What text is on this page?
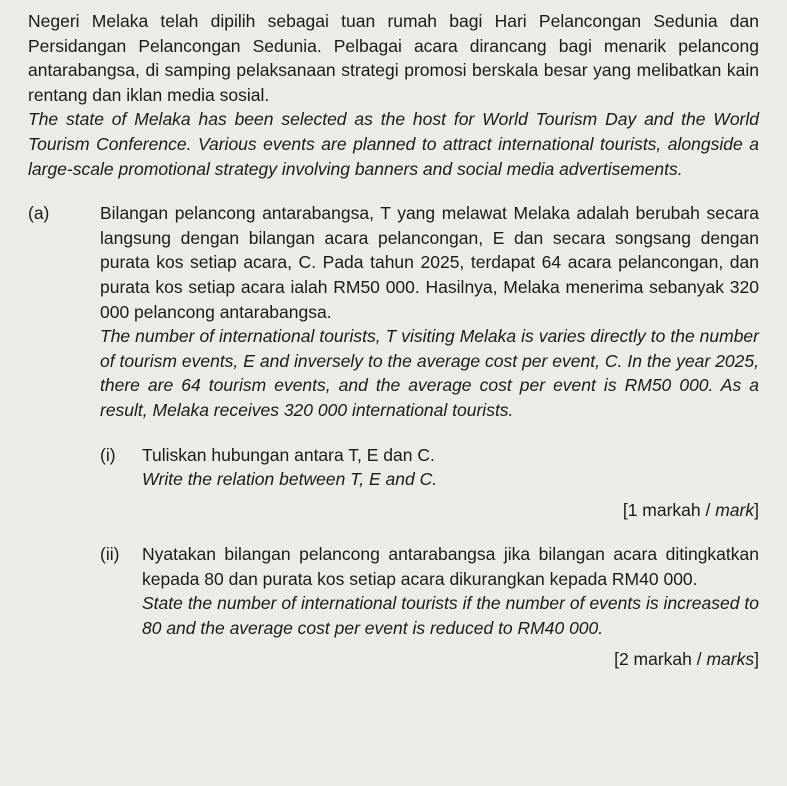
Negeri Melaka telah dipilih sebagai tuan rumah bagi Hari Pelancongan Sedunia dan Persidangan Pelancongan Sedunia. Pelbagai acara dirancang bagi menarik pelancong antarabangsa, di samping pelaksanaan strategi promosi berskala besar yang melibatkan kain rentang dan iklan media sosial.

The state of Melaka has been selected as the host for World Tourism Day and the World Tourism Conference. Various events are planned to attract international tourists, alongside a large-scale promotional strategy involving banners and social media advertisements.

(a)	Bilangan pelancong antarabangsa, T yang melawat Melaka adalah berubah secara langsung dengan bilangan acara pelancongan, E dan secara songsang dengan purata kos setiap acara, C. Pada tahun 2025, terdapat 64 acara pelancongan, dan purata kos setiap acara ialah RM50 000. Hasilnya, Melaka menerima sebanyak 320 000 pelancong antarabangsa.

The number of international tourists, T visiting Melaka is varies directly to the number of tourism events, E and inversely to the average cost per event, C. In the year 2025, there are 64 tourism events, and the average cost per event is RM50 000. As a result, Melaka receives 320 000 international tourists.

(i)	Tuliskan hubungan antara T, E dan C.

Write the relation between T, E and C.

[1 markah / mark]
(ii)	Nyatakan bilangan pelancong antarabangsa jika bilangan acara ditingkatkan kepada 80 dan purata kos setiap acara dikurangkan kepada RM40 000.

State the number of international tourists if the number of events is increased to 80 and the average cost per event is reduced to RM40 000.

[2 markah / marks]
